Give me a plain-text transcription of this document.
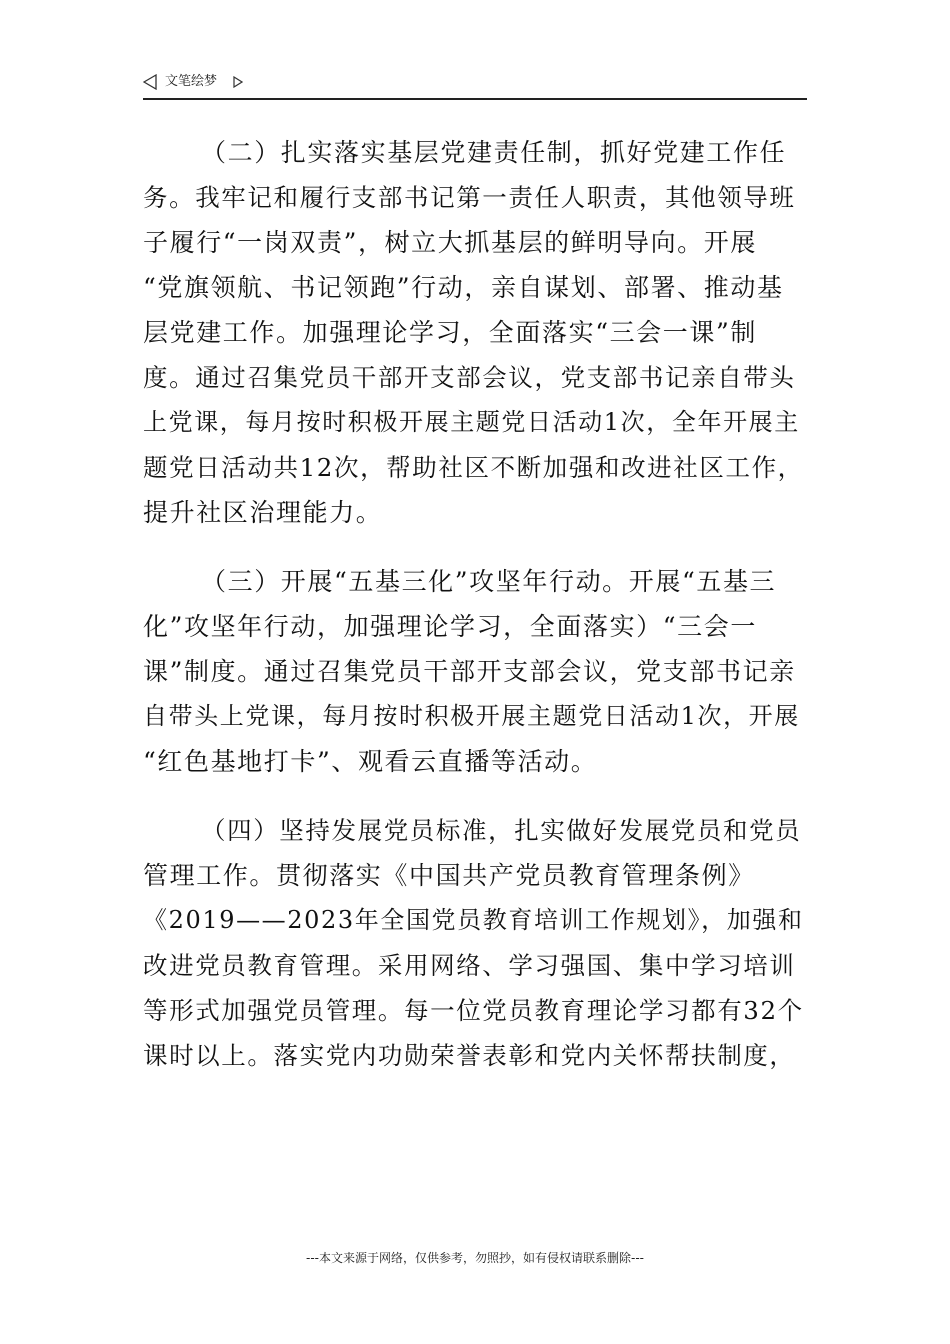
文笔绘梦
（二）扎实落实基层党建责任制，抓好党建工作任
务。我牢记和履行支部书记第一责任人职责，其他领导班
子履行“一岗双责”，树立大抓基层的鲜明导向。开展
“党旗领航、书记领跑”行动，亲自谋划、部署、推动基
层党建工作。加强理论学习，全面落实“三会一课”制
度。通过召集党员干部开支部会议，党支部书记亲自带头
上党课，每月按时积极开展主题党日活动1次，全年开展主
题党日活动共12次，帮助社区不断加强和改进社区工作，
提升社区治理能力。
（三）开展“五基三化”攻坚年行动。开展“五基三
化”攻坚年行动，加强理论学习，全面落实）“三会一
课”制度。通过召集党员干部开支部会议，党支部书记亲
自带头上党课，每月按时积极开展主题党日活动1次，开展
“红色基地打卡”、观看云直播等活动。
（四）坚持发展党员标准，扎实做好发展党员和党员
管理工作。贯彻落实《中国共产党员教育管理条例》
《2019——2023年全国党员教育培训工作规划》，加强和
改进党员教育管理。采用网络、学习强国、集中学习培训
等形式加强党员管理。每一位党员教育理论学习都有32个
课时以上。落实党内功勋荣誉表彰和党内关怀帮扶制度，
---本文来源于网络，仅供参考，勿照抄，如有侵权请联系删除---
